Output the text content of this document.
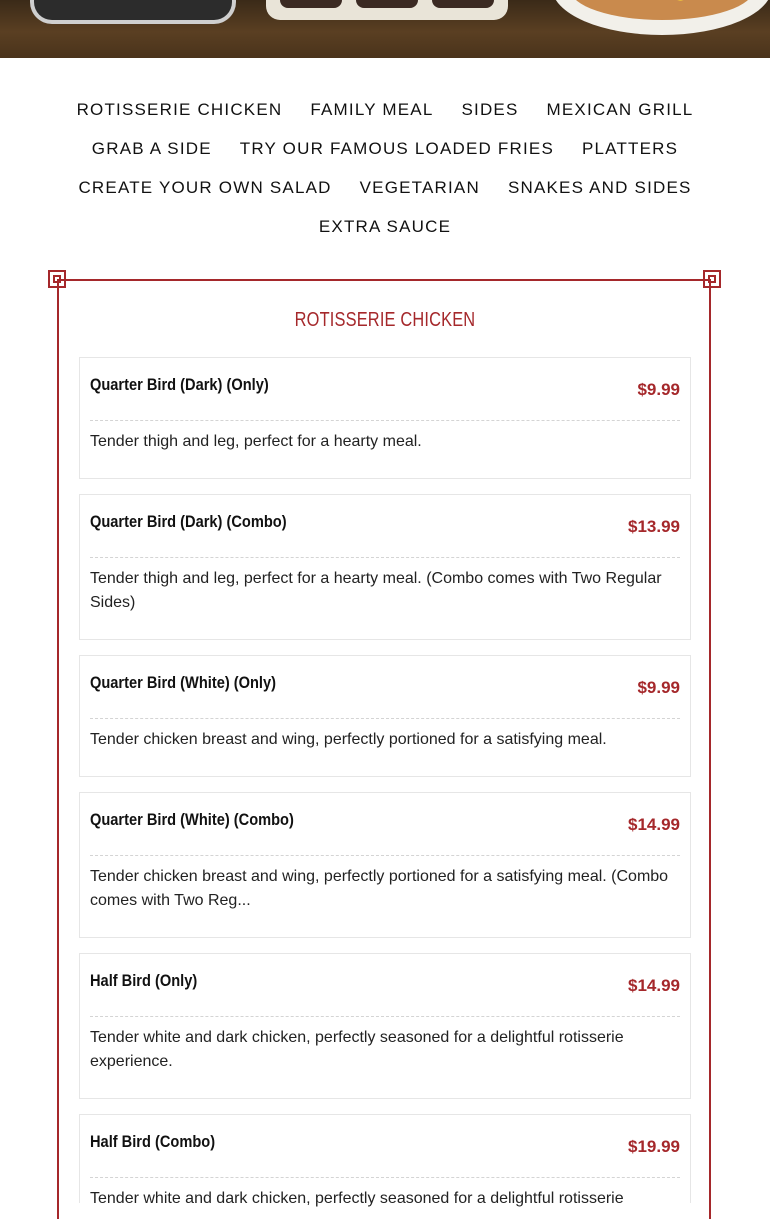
ROTISSERIE CHICKEN	FAMILY MEAL	SIDES	MEXICAN GRILL
GRAB A SIDE	TRY OUR FAMOUS LOADED FRIES	PLATTERS
CREATE YOUR OWN SALAD	VEGETARIAN	SNAKES AND SIDES
EXTRA SAUCE
ROTISSERIE CHICKEN
Quarter Bird (Dark) (Only)	$9.99
Tender thigh and leg, perfect for a hearty meal.
Quarter Bird (Dark) (Combo)	$13.99
Tender thigh and leg, perfect for a hearty meal. (Combo comes with Two Regular Sides)
Quarter Bird (White) (Only)	$9.99
Tender chicken breast and wing, perfectly portioned for a satisfying meal.
Quarter Bird (White) (Combo)	$14.99
Tender chicken breast and wing, perfectly portioned for a satisfying meal. (Combo comes with Two Reg...
Half Bird (Only)	$14.99
Tender white and dark chicken, perfectly seasoned for a delightful rotisserie experience.
Half Bird (Combo)	$19.99
Tender white and dark chicken, perfectly seasoned for a delightful rotisserie
